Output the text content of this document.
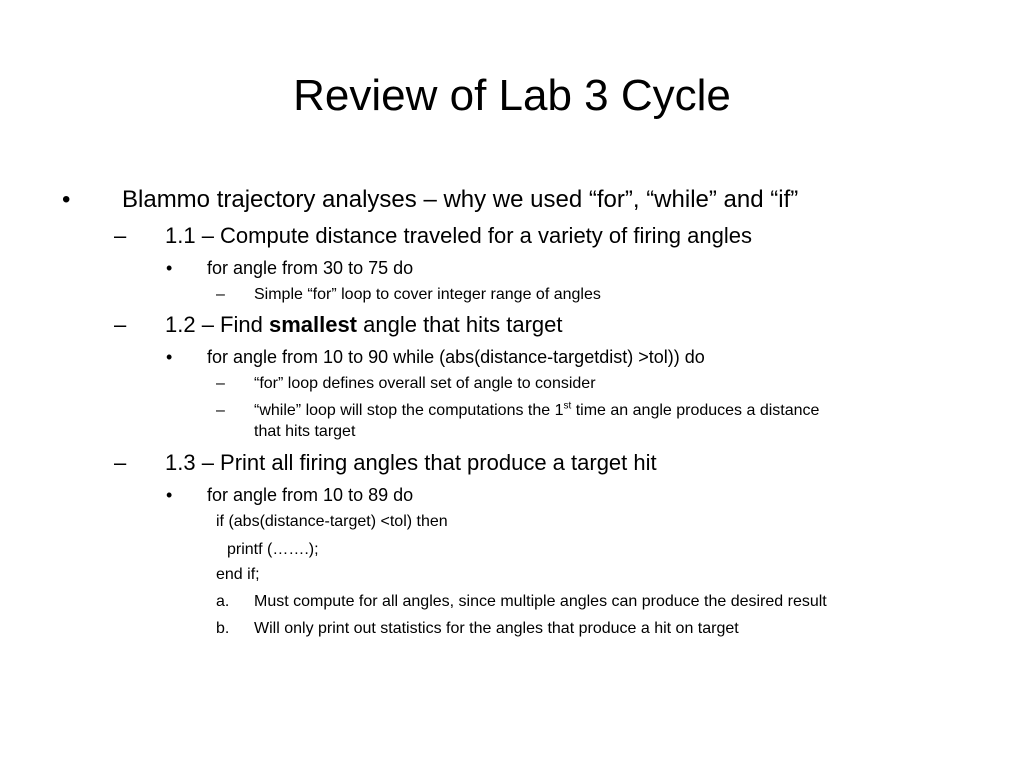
Review of Lab 3 Cycle
• Blammo trajectory analyses – why we used “for”, “while” and “if”
– 1.1 – Compute distance traveled for a variety of firing angles
• for angle from 30 to 75 do
– Simple “for” loop to cover integer range of angles
– 1.2 – Find smallest angle that hits target
• for angle from 10 to 90 while (abs(distance-targetdist) >tol)) do
– “for” loop defines overall set of angle to consider
– “while” loop will stop the computations the 1st time an angle produces a distance
that hits target
– 1.3 – Print all firing angles that produce a target hit
• for angle from 10 to 89 do
if (abs(distance-target) <tol) then
printf (…….);
end if;
a. Must compute for all angles, since multiple angles can produce the desired result
b. Will only print out statistics for the angles that produce a hit on target
